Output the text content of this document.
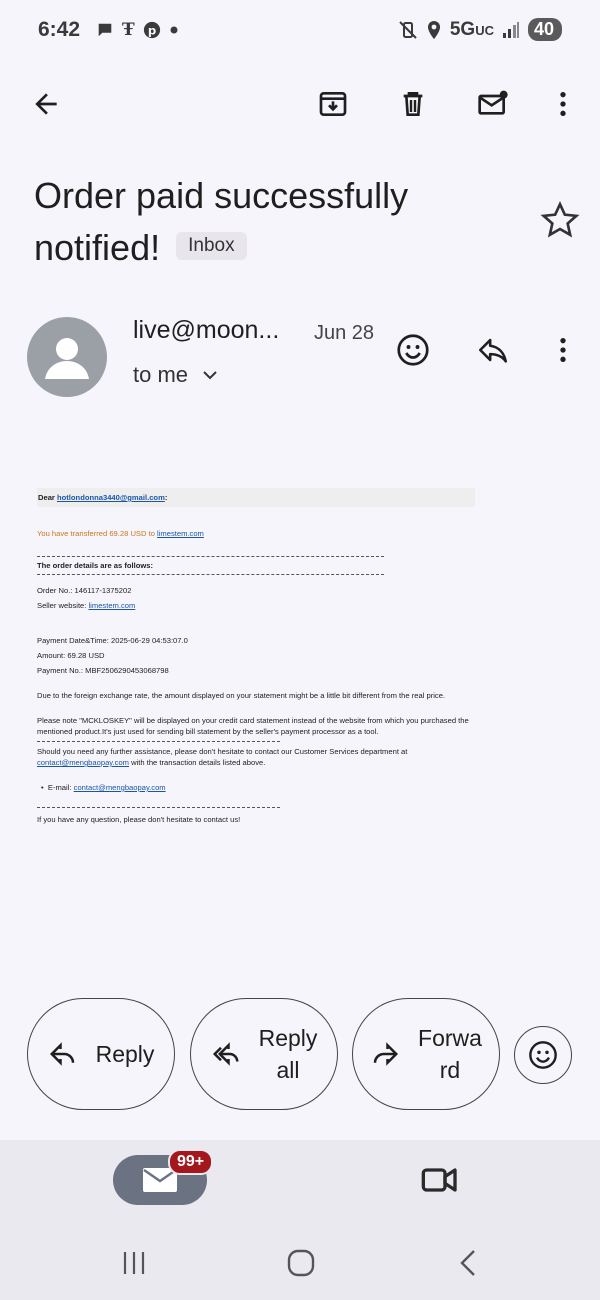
6:42 Ŧ p	5GUC	40
Order paid successfully notified! Inbox
live@moon... Jun 28
to me

Dear hotlondonna3440@gmail.com:

You have transferred 69.28 USD to limestem.com

The order details are as follows:

Order No.: 146117-1375202

Seller website: limestem.com

Payment Date&Time: 2025-06-29 04:53:07.0

Amount: 69.28 USD

Payment No.: MBF2506290453068798

Due to the foreign exchange rate, the amount displayed on your statement might be a little bit different from the real price.

Please note "MCKLOSKEY" will be displayed on your credit card statement instead of the website from which you purchased the mentioned product.It's just used for sending bill statement by the seller's payment processor as a tool.

Should you need any further assistance, please don't hesitate to contact our Customer Services department at
contact@mengbaopay.com with the transaction details listed above.

•  E-mail: contact@mengbaopay.com

If you have any question, please don't hesitate to contact us!

Reply
Reply
all
Forwa
rd
99+
